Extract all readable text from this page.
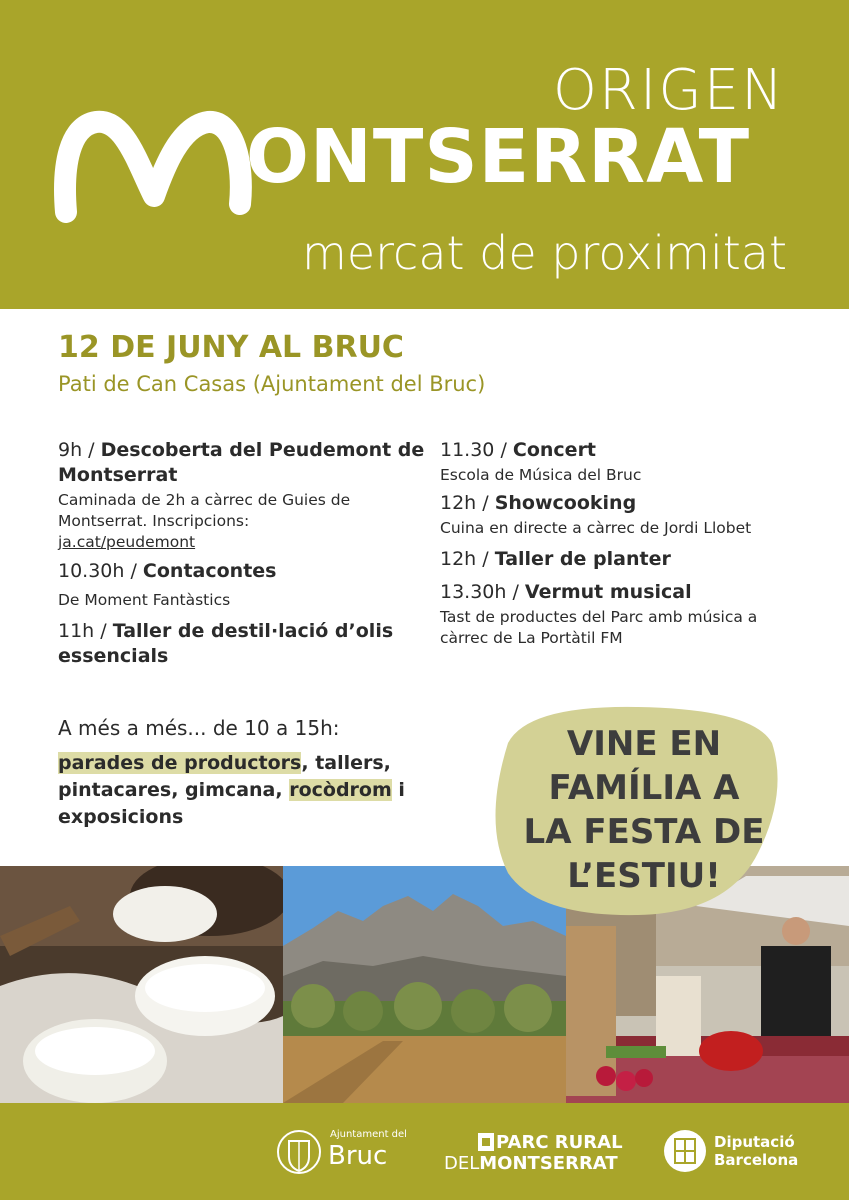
ORIGEN
ONTSERRAT
mercat de proximitat
12 DE JUNY AL BRUC
Pati de Can Casas (Ajuntament del Bruc)
9h / Descoberta del Peudemont de Montserrat
Caminada de 2h a càrrec de Guies de Montserrat. Inscripcions: ja.cat/peudemont
10.30h / Contacontes
De Moment Fantàstics
11h / Taller de destil·lació d’olis essencials
11.30 / Concert
Escola de Música del Bruc
12h / Showcooking
Cuina en directe a càrrec de Jordi Llobet
12h / Taller de planter
13.30h / Vermut musical
Tast de productes del Parc amb música a càrrec de La Portàtil FM
A més a més... de 10 a 15h:
parades de productors, tallers, pintacares, gimcana, rocòdrom i exposicions
VINE EN
FAMÍLIA A
LA FESTA DE
L’ESTIU!
Ajuntament del
Bruc	PARC RURAL
DELMONTSERRAT
Diputació
Barcelona
